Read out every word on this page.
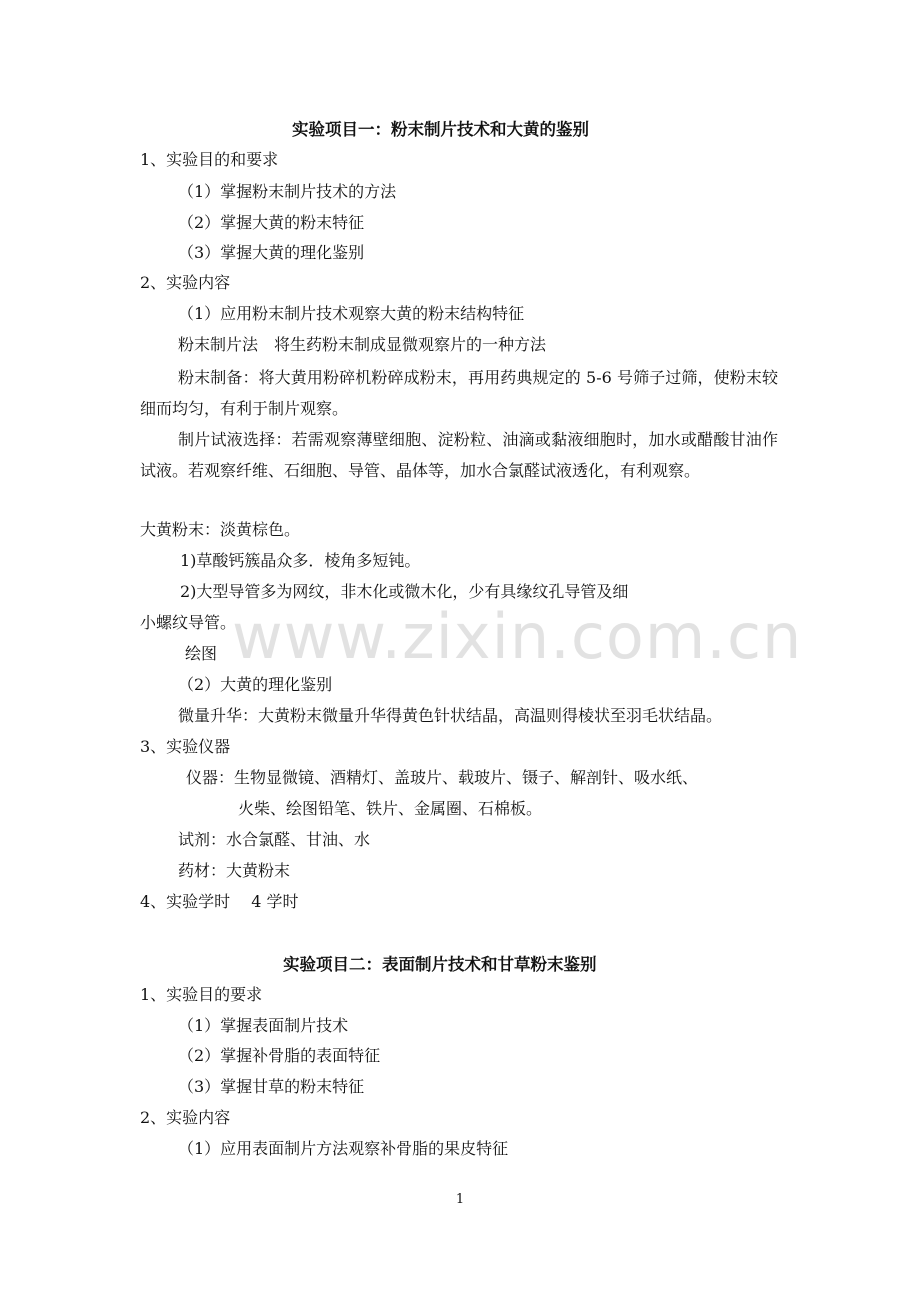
实验项目一：粉末制片技术和大黄的鉴别
1、实验目的和要求
（1）掌握粉末制片技术的方法
（2）掌握大黄的粉末特征
（3）掌握大黄的理化鉴别
2、实验内容
（1）应用粉末制片技术观察大黄的粉末结构特征
粉末制片法　将生药粉末制成显微观察片的一种方法

粉末制备：将大黄用粉碎机粉碎成粉末，再用药典规定的 5-6 号筛子过筛，使粉末较细而均匀，有利于制片观察。

制片试液选择：若需观察薄壁细胞、淀粉粒、油滴或黏液细胞时，加水或醋酸甘油作试液。若观察纤维、石细胞、导管、晶体等，加水合氯醛试液透化，有利观察。

大黄粉末：淡黄棕色。
1)草酸钙簇晶众多．棱角多短钝。
2)大型导管多为网纹，非木化或微木化，少有具缘纹孔导管及细
小螺纹导管。
绘图
（2）大黄的理化鉴别
微量升华：大黄粉末微量升华得黄色针状结晶，高温则得棱状至羽毛状结晶。
3、实验仪器
仪器：生物显微镜、酒精灯、盖玻片、载玻片、镊子、解剖针、吸水纸、
火柴、绘图铅笔、铁片、金属圈、石棉板。
试剂：水合氯醛、甘油、水
药材：大黄粉末
4、实验学时　 4 学时
实验项目二：表面制片技术和甘草粉末鉴别
1、实验目的要求
（1）掌握表面制片技术
（2）掌握补骨脂的表面特征
（3）掌握甘草的粉末特征
2、实验内容
（1）应用表面制片方法观察补骨脂的果皮特征
www.zixin.com.cn
1
